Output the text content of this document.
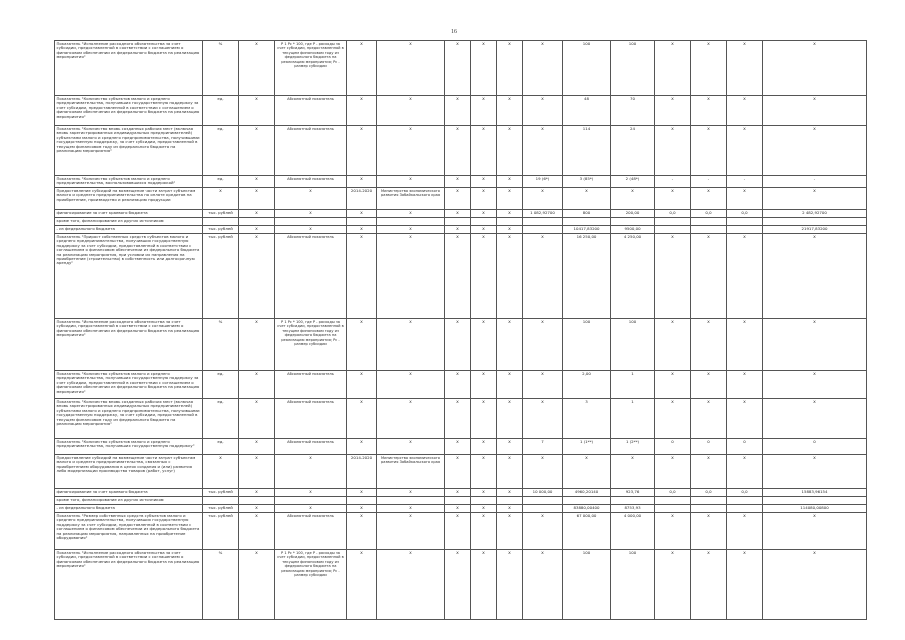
16
Показатель "Исполнение расходного обязательства за счет субсидии, предоставленной в соответствии с соглашением о финансовом обеспечении из федерального бюджета на реализацию мероприятия"	%	X	Р 1 Рс * 100, где Р - расходы за счет субсидии, предоставленной в текущем финансовом году из федерального бюджета на реализацию мероприятия; Рс - размер субсидии	X	X	X	X	X	X	100	100	X	X	X	X
Показатель "Количество субъектов малого и среднего предпринимательства, получивших государственную поддержку за счет субсидии, предоставленной в соответствии с соглашением о финансовом обеспечении из федерального бюджета на реализацию мероприятия"	ед.	X	Абсолютный показатель	X	X	X	X	X	X	48	70	X	X	X	X
Показатель "Количество вновь созданных рабочих мест (включая вновь зарегистрированных индивидуальных предпринимателей) субъектами малого и среднего предпринимательства, получившими государственную поддержку, за счет субсидии, предоставленной в текущем финансовом году из федерального бюджета на реализацию мероприятия"	ед.	X	Абсолютный показатель	X	X	X	X	X	X	114	24	X	X	X	X
Показатель "Количество субъектов малого и среднего предпринимательства, воспользовавшихся поддержкой"	ед.	X	Абсолютный показатель	X	X	X	X	X	19 (6*)	3 (85*)	2 (48*)	-	-	-	-
Предоставление субсидий на возмещение части затрат субъектам малого и среднего предпринимательства по оплате кредитов на приобретение, производство и реализацию продукции	X	X	X	2014-2020	Министерство экономического развития Забайкальского края	X	X	X	X	X	X	X	X	X	X
финансирование за счет краевого бюджета	тыс. рублей	X	X	X	X	X	X	X	1 082,92700	800	200,00	0,0	0,0	0,0	2 482,92700
кроме того, финансирование из других источников:															
- из федерального бюджета	тыс. рублей	X	X	X	X	X	X	X		10417,83200	9500,00				21917,83200
Показатель "Прирост собственных средств субъектов малого и среднего предпринимательства, получивших государственную поддержку за счет субсидии, предоставленной в соответствии с соглашением о финансовом обеспечении из федерального бюджета на реализацию мероприятия, при условии их направления на приобретение (строительство) в собственность или долгосрочную аренду"	тыс. рублей	X	Абсолютный показатель	X	X	X	X	X	X	16 250,00	4 250,00	X	X	X	X
Показатель "Исполнение расходного обязательства за счет субсидии, предоставленной в соответствии с соглашением о финансовом обеспечении из федерального бюджета на реализацию мероприятия"	%	X	Р 1 Рс * 100, где Р - расходы за счет субсидии, предоставленной в текущем финансовом году из федерального бюджета на реализацию мероприятия; Рс - размер субсидии	X	X	X	X	X	X	100	100	X	X	X	X
Показатель "Количество субъектов малого и среднего предпринимательства, получивших государственную поддержку за счет субсидии, предоставленной в соответствии с соглашением о финансовом обеспечении из федерального бюджета на реализацию мероприятия"	ед.	X	Абсолютный показатель	X	X	X	X	X	X	2,00	1	X	X	X	X
Показатель "Количество вновь созданных рабочих мест (включая вновь зарегистрированных индивидуальных предпринимателей) субъектами малого и среднего предпринимательства, получившими государственную поддержку, за счет субсидии, предоставленной в текущем финансовом году из федерального бюджета на реализацию мероприятия"	ед.	X	Абсолютный показатель	X	X	X	X	X	X	3	1	X	X	X	X
Показатель "Количество субъектов малого и среднего предпринимательства, получивших государственную поддержку"	ед.	X	Абсолютный показатель	X	X	X	X	X	7	1 (1**)	1 (2**)	0	0	0	0
Предоставление субсидий на возмещение части затрат субъектам малого и среднего предпринимательства, связанных с приобретением оборудования в целях создания и (или) развития либо модернизации производства товаров (работ, услуг)	X	X	X	2014-2020	Министерство экономического развития Забайкальского края	X	X	X	X	X	X	X	X	X	X
финансирование за счет краевого бюджета	тыс. рублей	X	X	X	X	X	X	X	10 000,00	4960,20140	923,76	0,0	0,0	0,0	15883,96154
кроме того, финансирование из других источников:															
- из федерального бюджета	тыс. рублей	X	X	X	X	X	X	X		83880,00400	8753,93				114080,00800
Показатель "Размер собственных средств субъектов малого и среднего предпринимательства, получивших государственную поддержку за счет субсидии, предоставленной в соответствии с соглашением о финансовом обеспечении из федерального бюджета на реализацию мероприятия, направленных на приобретение оборудования"	тыс. рублей	X	Абсолютный показатель	X	X	X	X	X	X	67 000,00	4 000,00	X	X	X	X
Показатель "Исполнение расходного обязательства за счет субсидии, предоставленной в соответствии с соглашением о финансовом обеспечении из федерального бюджета на реализацию мероприятия"	%	X	Р 1 Рс * 100, где Р - расходы за счет субсидии, предоставленной в текущем финансовом году из федерального бюджета на реализацию мероприятия; Рс - размер субсидии	X	X	X	X	X	X	100	100	X	X	X	X
